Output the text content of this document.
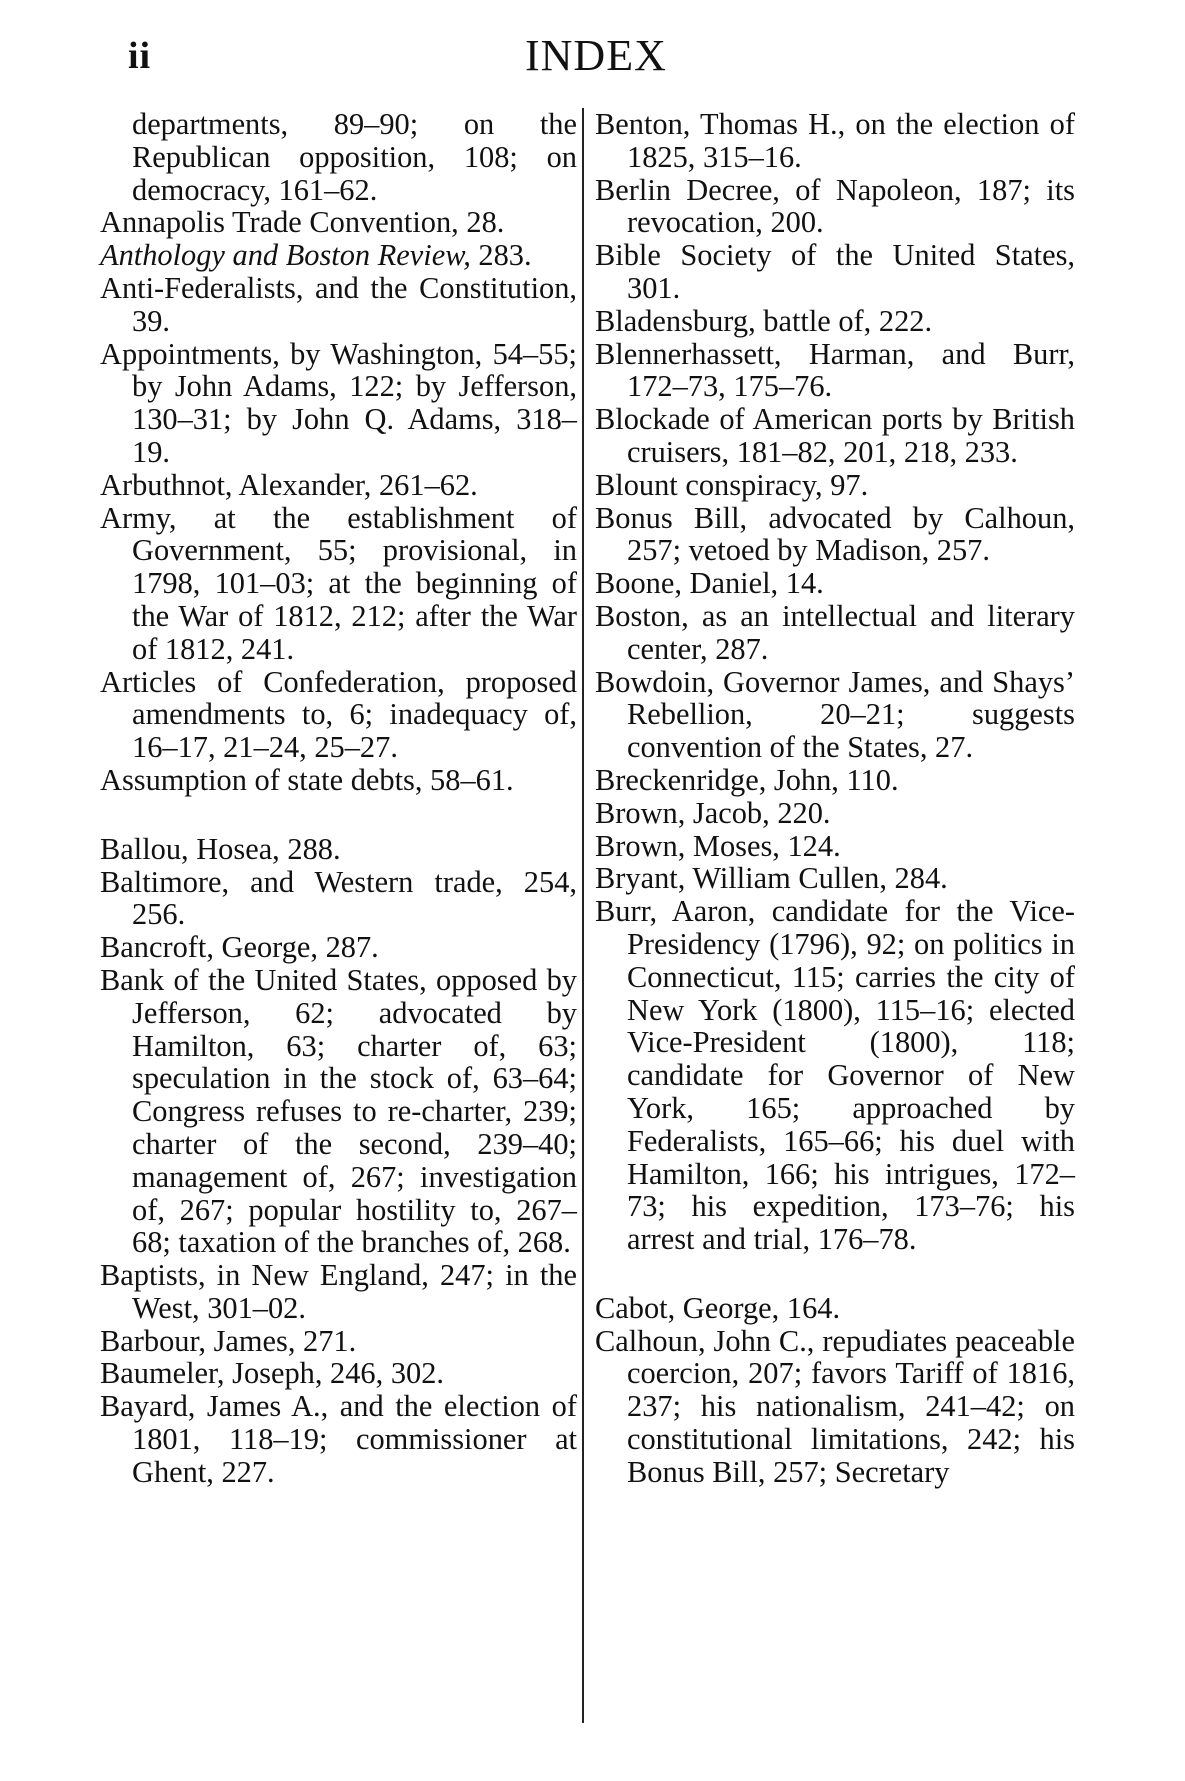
ii	INDEX

departments, 89–90; on the Republican opposition, 108; on democracy, 161–62.

Annapolis Trade Convention, 28.

Anthology and Boston Review, 283.

Anti-Federalists, and the Constitution, 39.

Appointments, by Washington, 54–55; by John Adams, 122; by Jefferson, 130–31; by John Q. Adams, 318–19.

Arbuthnot, Alexander, 261–62.

Army, at the establishment of Government, 55; provisional, in 1798, 101–03; at the beginning of the War of 1812, 212; after the War of 1812, 241.

Articles of Confederation, proposed amendments to, 6; inadequacy of, 16–17, 21–24, 25–27.

Assumption of state debts, 58–61.

Ballou, Hosea, 288.

Baltimore, and Western trade, 254, 256.

Bancroft, George, 287.

Bank of the United States, opposed by Jefferson, 62; advocated by Hamilton, 63; charter of, 63; speculation in the stock of, 63–64; Congress refuses to re-charter, 239; charter of the second, 239–40; management of, 267; investigation of, 267; popular hostility to, 267–68; taxation of the branches of, 268.

Baptists, in New England, 247; in the West, 301–02.

Barbour, James, 271.

Baumeler, Joseph, 246, 302.

Bayard, James A., and the election of 1801, 118–19; commissioner at Ghent, 227.

Benton, Thomas H., on the election of 1825, 315–16.

Berlin Decree, of Napoleon, 187; its revocation, 200.

Bible Society of the United States, 301.

Bladensburg, battle of, 222.

Blennerhassett, Harman, and Burr, 172–73, 175–76.

Blockade of American ports by British cruisers, 181–82, 201, 218, 233.

Blount conspiracy, 97.

Bonus Bill, advocated by Calhoun, 257; vetoed by Madison, 257.

Boone, Daniel, 14.

Boston, as an intellectual and literary center, 287.

Bowdoin, Governor James, and Shays’ Rebellion, 20–21; suggests convention of the States, 27.

Breckenridge, John, 110.

Brown, Jacob, 220.

Brown, Moses, 124.

Bryant, William Cullen, 284.

Burr, Aaron, candidate for the Vice-Presidency (1796), 92; on politics in Connecticut, 115; carries the city of New York (1800), 115–16; elected Vice-President (1800), 118; candidate for Governor of New York, 165; approached by Federalists, 165–66; his duel with Hamilton, 166; his intrigues, 172–73; his expedition, 173–76; his arrest and trial, 176–78.

Cabot, George, 164.

Calhoun, John C., repudiates peaceable coercion, 207; favors Tariff of 1816, 237; his nationalism, 241–42; on constitutional limitations, 242; his Bonus Bill, 257; Secretary
